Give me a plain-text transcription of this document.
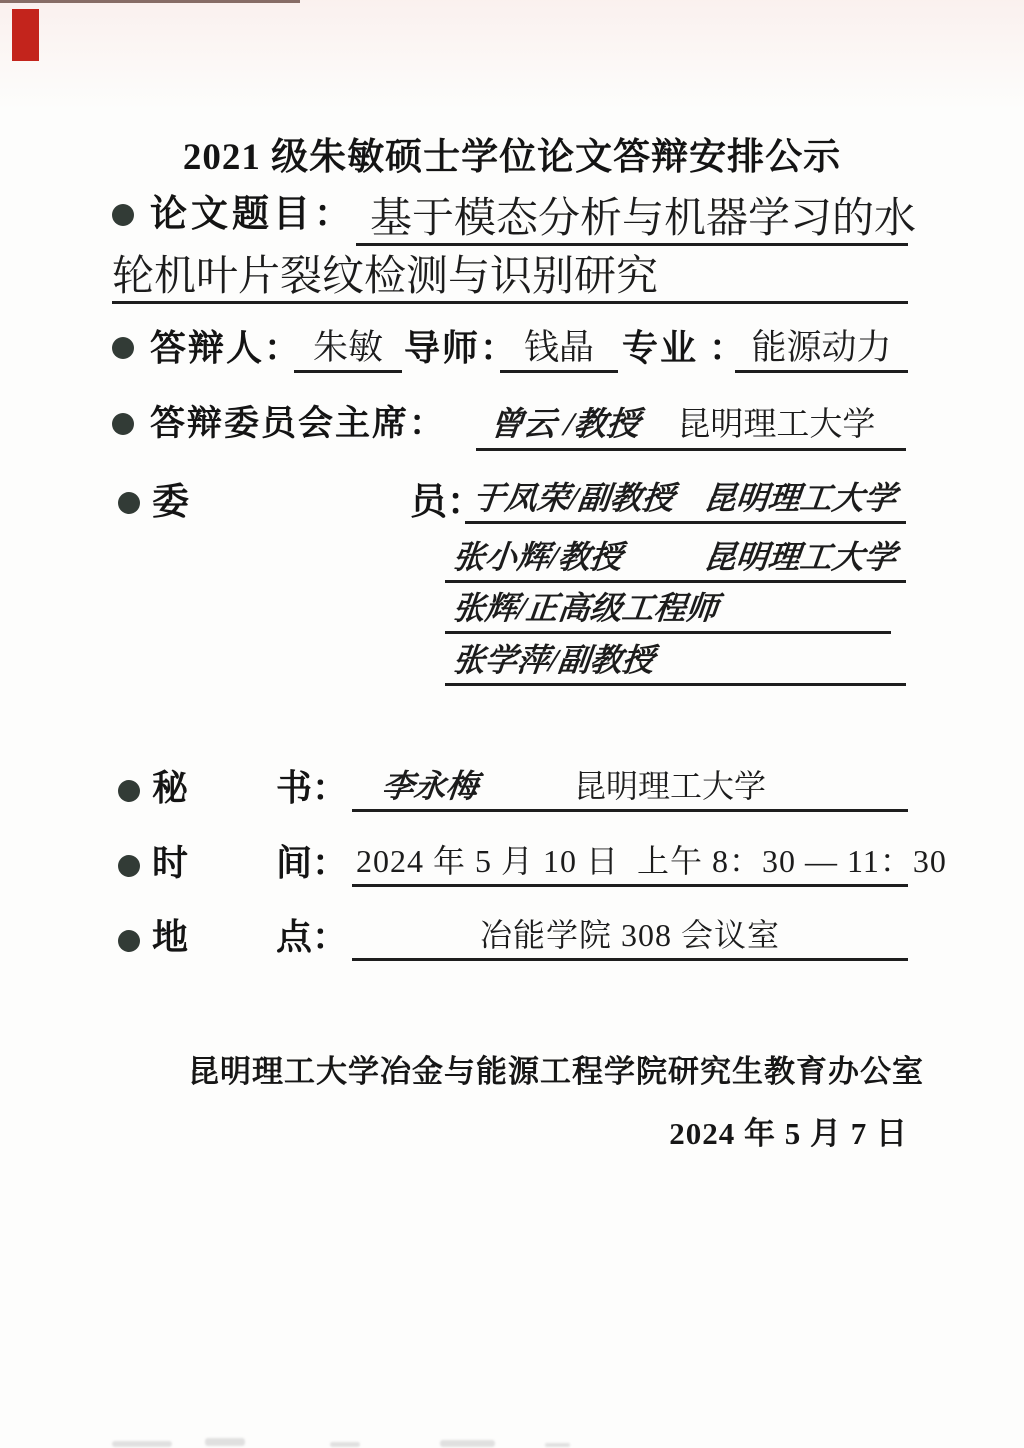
2021 级朱敏硕士学位论文答辩安排公示
论文题目： 基于模态分析与机器学习的水
轮机叶片裂纹检测与识别研究
答辩人： 朱敏 导师： 钱晶 专业 ： 能源动力
答辩委员会主席： 曾云 /教授 昆明理工大学
委	员：
于凤荣/副教授 昆明理工大学
张小辉/教授 昆明理工大学
张辉/正高级工程师
张学萍/副教授
秘 书： 李永梅	昆明理工大学
时 间： 2024 年 5 月 10 日  上午 8：30 — 11：30
地 点：	冶能学院 308 会议室
昆明理工大学冶金与能源工程学院研究生教育办公室
2024 年 5 月 7 日
